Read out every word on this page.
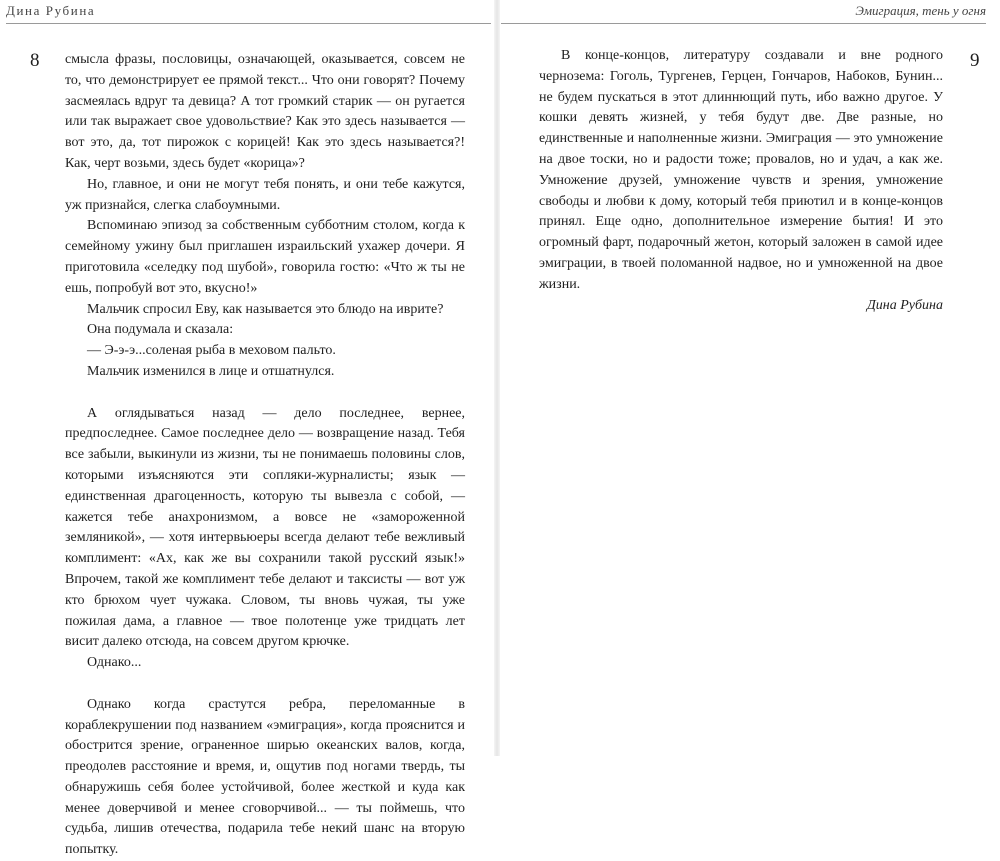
Дина Рубина
8 смысла фразы, пословицы, означающей, оказывается, совсем не то, что демонстрирует ее прямой текст... Что они говорят? Почему засмеялась вдруг та девица? А тот громкий старик — он ругается или так выражает свое удовольствие? Как это здесь называется — вот это, да, тот пирожок с корицей! Как это здесь называется?! Как, черт возьми, здесь будет «корица»?

Но, главное, и они не могут тебя понять, и они тебе кажутся, уж признайся, слегка слабоумными.

Вспоминаю эпизод за собственным субботним столом, когда к семейному ужину был приглашен израильский ухажер дочери. Я приготовила «селедку под шубой», говорила гостю: «Что ж ты не ешь, попробуй вот это, вкусно!»

Мальчик спросил Еву, как называется это блюдо на иврите?

Она подумала и сказала:

— Э-э-э...соленая рыба в меховом пальто.

Мальчик изменился в лице и отшатнулся.

А оглядываться назад — дело последнее, вернее, предпоследнее. Самое последнее дело — возвращение назад. Тебя все забыли, выкинули из жизни, ты не понимаешь половины слов, которыми изъясняются эти сопляки-журналисты; язык — единственная драгоценность, которую ты вывезла с собой, — кажется тебе анахронизмом, а вовсе не «замороженной земляникой», — хотя интервьюеры всегда делают тебе вежливый комплимент: «Ах, как же вы сохранили такой русский язык!» Впрочем, такой же комплимент тебе делают и таксисты — вот уж кто брюхом чует чужака. Словом, ты вновь чужая, ты уже пожилая дама, а главное — твое полотенце уже тридцать лет висит далеко отсюда, на совсем другом крючке.

Однако...

Однако когда срастутся ребра, переломанные в кораблекрушении под названием «эмиграция», когда прояснится и обострится зрение, ограненное ширью океанских валов, когда, преодолев расстояние и время, и, ощутив под ногами твердь, ты обнаружишь себя более устойчивой, более жесткой и куда как менее доверчивой и менее сговорчивой... — ты поймешь, что судьба, лишив отечества, подарила тебе некий шанс на вторую попытку.

Эмиграция, тень у огня
9

В конце-концов, литературу создавали и вне родного чернозема: Гоголь, Тургенев, Герцен, Гончаров, Набоков, Бунин... не будем пускаться в этот длиннющий путь, ибо важно другое. У кошки девять жизней, у тебя будут две. Две разные, но единственные и наполненные жизни. Эмиграция — это умножение на двое тоски, но и радости тоже; провалов, но и удач, а как же. Умножение друзей, умножение чувств и зрения, умножение свободы и любви к дому, который тебя приютил и в конце-концов принял. Еще одно, дополнительное измерение бытия! И это огромный фарт, подарочный жетон, который заложен в самой идее эмиграции, в твоей поломанной надвое, но и умноженной на двое жизни.

Дина Рубина
